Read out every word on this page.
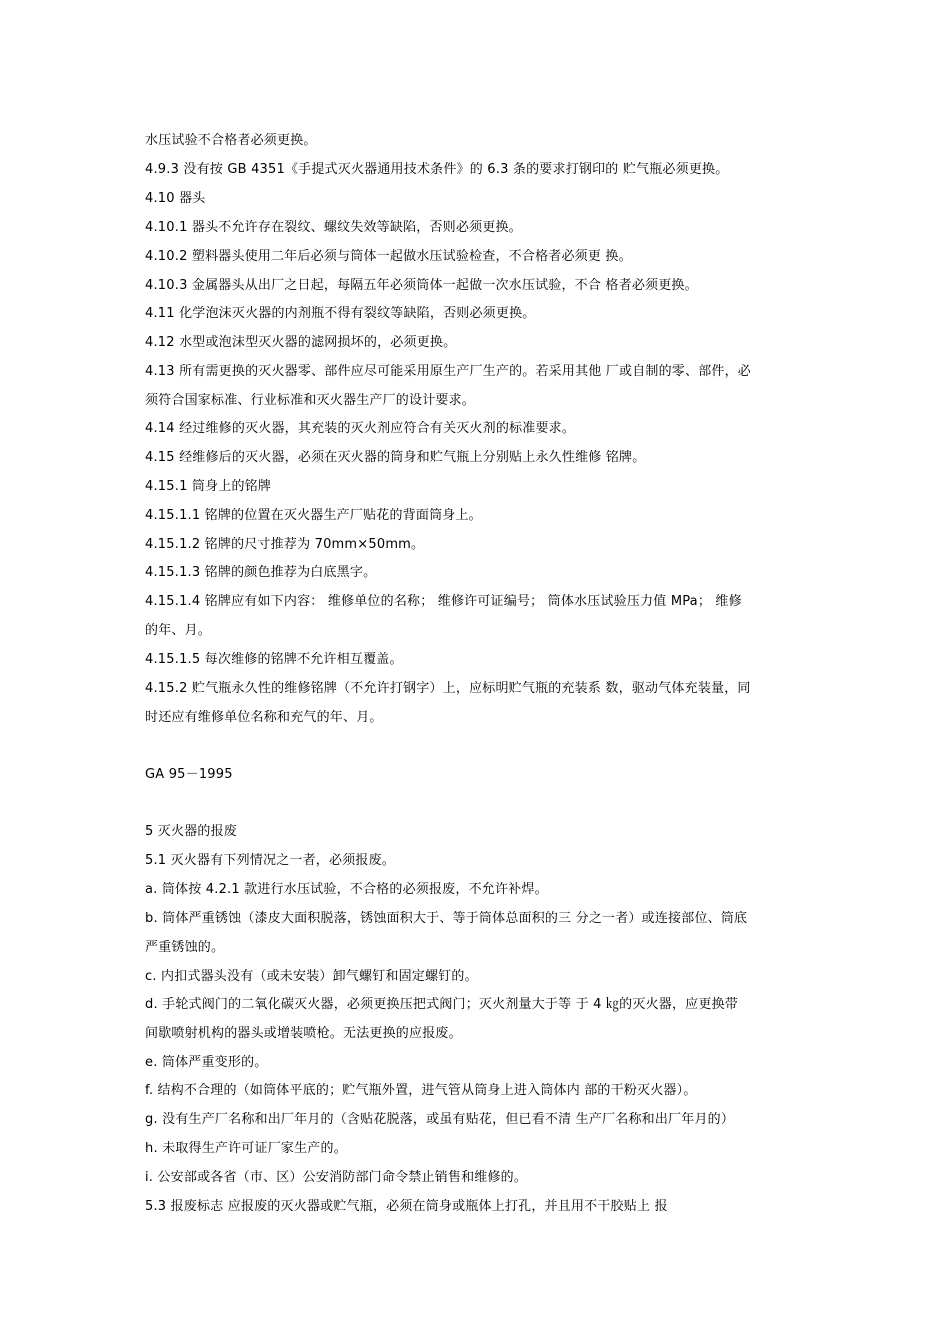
水压试验不合格者必须更换。
4.9.3 没有按 GB 4351《手提式灭火器通用技术条件》的 6.3 条的要求打钢印的 贮气瓶必须更换。
4.10 器头
4.10.1 器头不允许存在裂纹、螺纹失效等缺陷，否则必须更换。
4.10.2 塑料器头使用二年后必须与筒体一起做水压试验检查，不合格者必须更 换。
4.10.3 金属器头从出厂之日起，每隔五年必须筒体一起做一次水压试验，不合 格者必须更换。
4.11 化学泡沫灭火器的内剂瓶不得有裂纹等缺陷，否则必须更换。
4.12 水型或泡沫型灭火器的滤网损坏的，必须更换。
4.13 所有需更换的灭火器零、部件应尽可能采用原生产厂生产的。若采用其他 厂或自制的零、部件，必
须符合国家标准、行业标准和灭火器生产厂的设计要求。
4.14 经过维修的灭火器，其充装的灭火剂应符合有关灭火剂的标准要求。
4.15 经维修后的灭火器，必须在灭火器的筒身和贮气瓶上分别贴上永久性维修 铭牌。
4.15.1 筒身上的铭牌
4.15.1.1 铭牌的位置在灭火器生产厂贴花的背面筒身上。
4.15.1.2 铭牌的尺寸推荐为 70mm×50mm。
4.15.1.3 铭牌的颜色推荐为白底黑字。
4.15.1.4 铭牌应有如下内容： 维修单位的名称； 维修许可证编号； 筒体水压试验压力值 MPa； 维修
的年、月。
4.15.1.5 每次维修的铭牌不允许相互覆盖。
4.15.2 贮气瓶永久性的维修铭牌（不允许打钢字）上，应标明贮气瓶的充装系 数，驱动气体充装量，同
时还应有维修单位名称和充气的年、月。
GA 95－1995
5 灭火器的报废
5.1 灭火器有下列情况之一者，必须报废。
a. 筒体按 4.2.1 款进行水压试验，不合格的必须报废，不允许补焊。
b. 筒体严重锈蚀（漆皮大面积脱落，锈蚀面积大于、等于筒体总面积的三 分之一者）或连接部位、筒底
严重锈蚀的。
c. 内扣式器头没有（或未安装）卸气螺钉和固定螺钉的。
d. 手轮式阀门的二氧化碳灭火器，必须更换压把式阀门；灭火剂量大于等 于 4 ㎏的灭火器，应更换带
间歇喷射机构的器头或增装喷枪。无法更换的应报废。
e. 筒体严重变形的。
f. 结构不合理的（如筒体平底的；贮气瓶外置，进气管从筒身上进入筒体内 部的干粉灭火器）。
g. 没有生产厂名称和出厂年月的（含贴花脱落，或虽有贴花，但已看不清 生产厂名称和出厂年月的）
h. 未取得生产许可证厂家生产的。
i. 公安部或各省（市、区）公安消防部门命令禁止销售和维修的。
5.3 报废标志 应报废的灭火器或贮气瓶，必须在筒身或瓶体上打孔，并且用不干胶贴上 报
